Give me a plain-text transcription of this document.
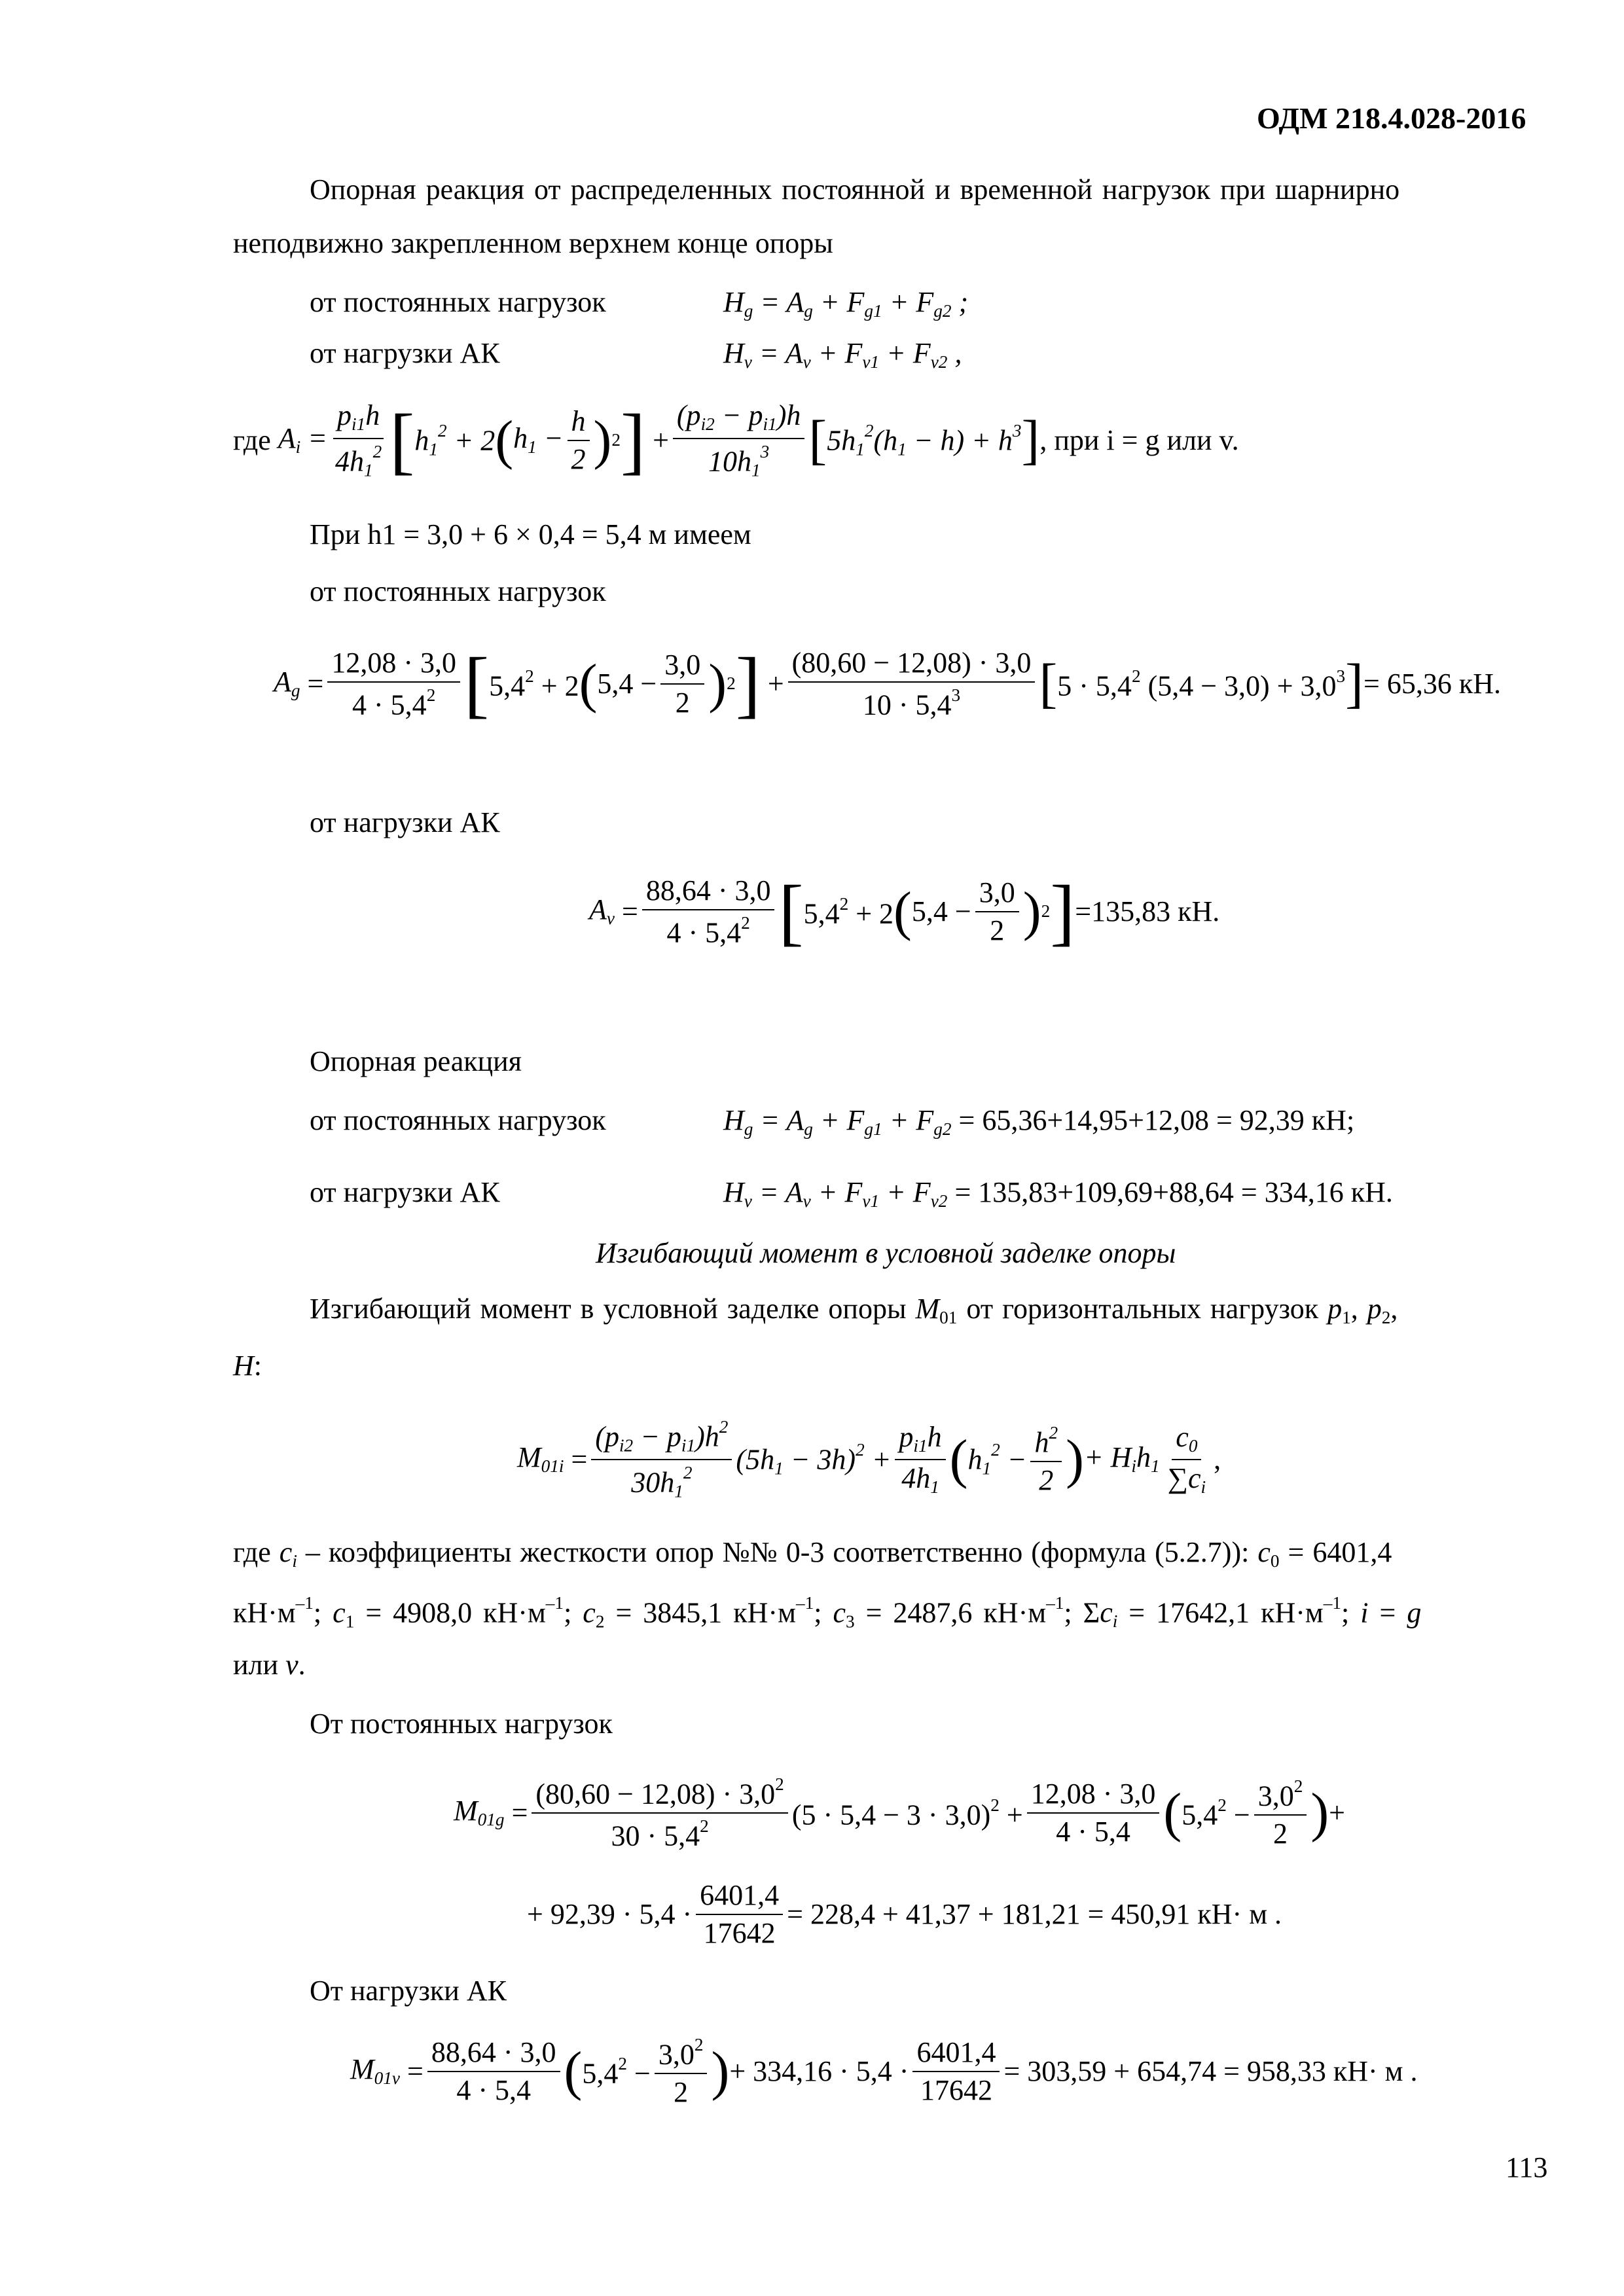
ОДМ 218.4.028-2016
Опорная реакция от распределенных постоянной и временной нагрузок при шарнирно
неподвижно закрепленном верхнем конце опоры
от постоянных нагрузок	$H_g = A_g + F_{g1} + F_{g2}$ ;
от нагрузки АК	$H_v = A_v + F_{v1} + F_{v2}$ ,
где $A_i = \frac{p_{i1}h}{4h_1^2}$ [ $h_1^2 + 2$ ( $h_1 - \frac{h}{2}$ ) 2 ] + $\frac{(p_{i2} - p_{i1})h}{10h_1^3}$ [ $5h_1^2(h_1 - h) + h^3$ ] , при i = g или v.
При h1 = 3,0 + 6 × 0,4 = 5,4 м имеем
от постоянных нагрузок
$A_g = \frac{12,08 \cdot 3,0}{4 \cdot 5,4^2}$ [ $5,4^2 + 2$ ( $5,4 - \frac{3,0}{2}$ ) 2 ] + $\frac{(80,60 - 12,08) \cdot 3,0}{10 \cdot 5,4^3}$ [ $5 \cdot 5,4^2$ $(5,4 - 3,0) + 3,0^3$ ] = 65,36 кН.
от нагрузки АК
$A_v = \frac{88,64 \cdot 3,0}{4 \cdot 5,4^2}$ [ $5,4^2 + 2$ ( $5,4 - \frac{3,0}{2}$ ) 2 ] =135,83 кН.
Опорная реакция
от постоянных нагрузок	$H_g = A_g + F_{g1} + F_{g2} = 65,36+14,95+12,08 = 92,39$ кН;
от нагрузки АК	$H_v = A_v + F_{v1} + F_{v2} = 135,83+109,69+88,64 = 334,16$ кН.
Изгибающий момент в условной заделке опоры
Изгибающий момент в условной заделке опоры $M_{01}$ от горизонтальных нагрузок $p_1$, $p_2$,
H:
$M_{01i} = \frac{(p_{i2} - p_{i1})h^2}{30h_1^2} (5h_1 - 3h)^2 + \frac{p_{i1}h}{4h_1}$ ( $h_1^2 - \frac{h^2}{2}$ ) + $H_ih_1 \frac{c_0}{\sum c_i}$ ,
где $c_i$ – коэффициенты жесткости опор №№ 0-3 соответственно (формула (5.2.7)): $c_0 = 6401,4$
$кН\cdot м^{-1}$; $c_1 = 4908,0$ $кН\cdot м^{-1}$; $c_2 = 3845,1$ $кН\cdot м^{-1}$; $c_3 = 2487,6$ $кН\cdot м^{-1}$; $\Sigma c_i = 17642,1$ $кН\cdot м^{-1}$; i = g
или v.
От постоянных нагрузок
$M_{01g} = \frac{(80,60 - 12,08) \cdot 3,0^2}{30 \cdot 5,4^2} (5 \cdot 5,4 - 3 \cdot 3,0)^2 + \frac{12,08 \cdot 3,0}{4 \cdot 5,4}$ ( $5,4^2 - \frac{3,0^2}{2}$ ) +
+ $92,39 \cdot 5,4 \cdot \frac{6401,4}{17642} = 228,4 + 41,37 + 181,21 = 450,91$ кН· м .
От нагрузки АК
$M_{01v} = \frac{88,64 \cdot 3,0}{4 \cdot 5,4}$ ( $5,4^2 - \frac{3,0^2}{2}$ ) + $334,16 \cdot 5,4 \cdot \frac{6401,4}{17642} = 303,59 + 654,74 = 958,33$ кН· м .
113
